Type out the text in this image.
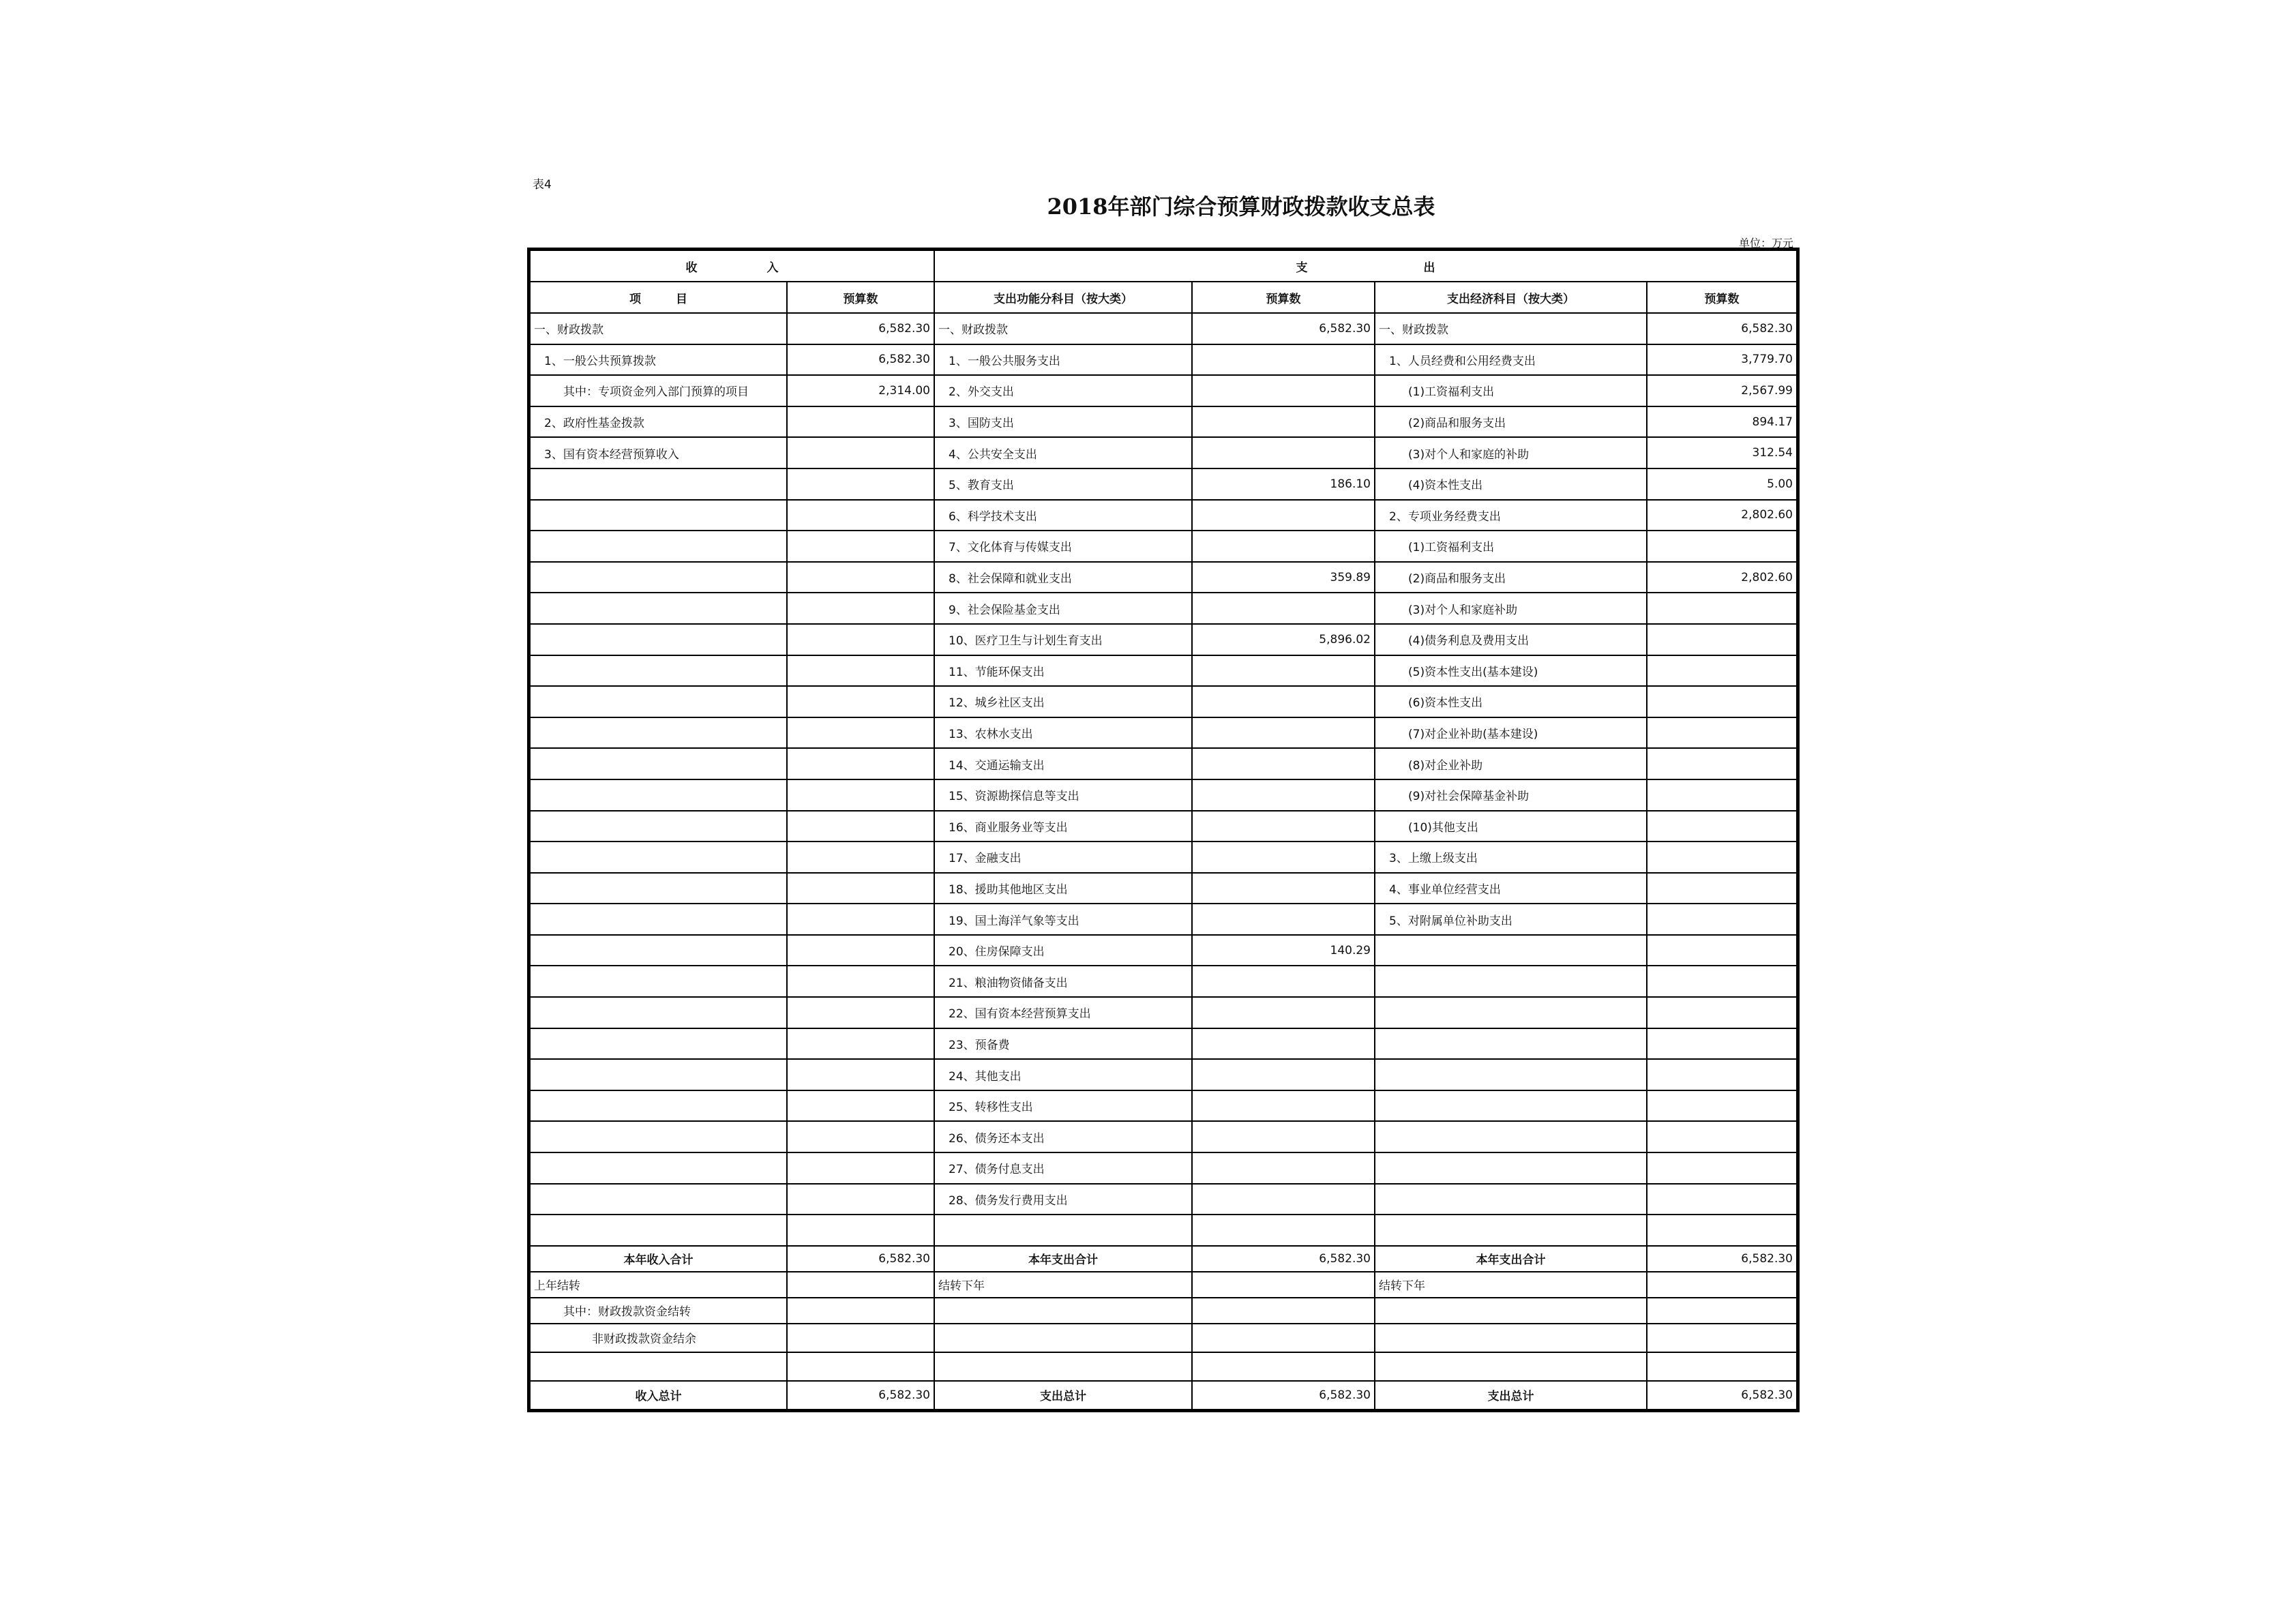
表4
2018年部门综合预算财政拨款收支总表
单位：万元
收　　　　　　入		支　　　　　　　　　　出			
项　　　目	预算数	支出功能分科目（按大类）	预算数	支出经济科目（按大类）	预算数
一、财政拨款	6,582.30	一、财政拨款	6,582.30	一、财政拨款	6,582.30
1、一般公共预算拨款	6,582.30	1、一般公共服务支出		1、人员经费和公用经费支出	3,779.70
其中：专项资金列入部门预算的项目	2,314.00	2、外交支出		(1)工资福利支出	2,567.99
2、政府性基金拨款		3、国防支出		(2)商品和服务支出	894.17
3、国有资本经营预算收入		4、公共安全支出		(3)对个人和家庭的补助	312.54
		5、教育支出	186.10	(4)资本性支出	5.00
		6、科学技术支出		2、专项业务经费支出	2,802.60
		7、文化体育与传媒支出		(1)工资福利支出	
		8、社会保障和就业支出	359.89	(2)商品和服务支出	2,802.60
		9、社会保险基金支出		(3)对个人和家庭补助	
		10、医疗卫生与计划生育支出	5,896.02	(4)债务利息及费用支出	
		11、节能环保支出		(5)资本性支出(基本建设)	
		12、城乡社区支出		(6)资本性支出	
		13、农林水支出		(7)对企业补助(基本建设)	
		14、交通运输支出		(8)对企业补助	
		15、资源勘探信息等支出		(9)对社会保障基金补助	
		16、商业服务业等支出		(10)其他支出	
		17、金融支出		3、上缴上级支出	
		18、援助其他地区支出		4、事业单位经营支出	
		19、国土海洋气象等支出		5、对附属单位补助支出	
		20、住房保障支出	140.29		
		21、粮油物资储备支出			
		22、国有资本经营预算支出			
		23、预备费			
		24、其他支出			
		25、转移性支出			
		26、债务还本支出			
		27、债务付息支出			
		28、债务发行费用支出			

本年收入合计	6,582.30	本年支出合计	6,582.30	本年支出合计	6,582.30
上年结转		结转下年		结转下年	
其中：财政拨款资金结转					
非财政拨款资金结余					

收入总计	6,582.30	支出总计	6,582.30	支出总计	6,582.30
